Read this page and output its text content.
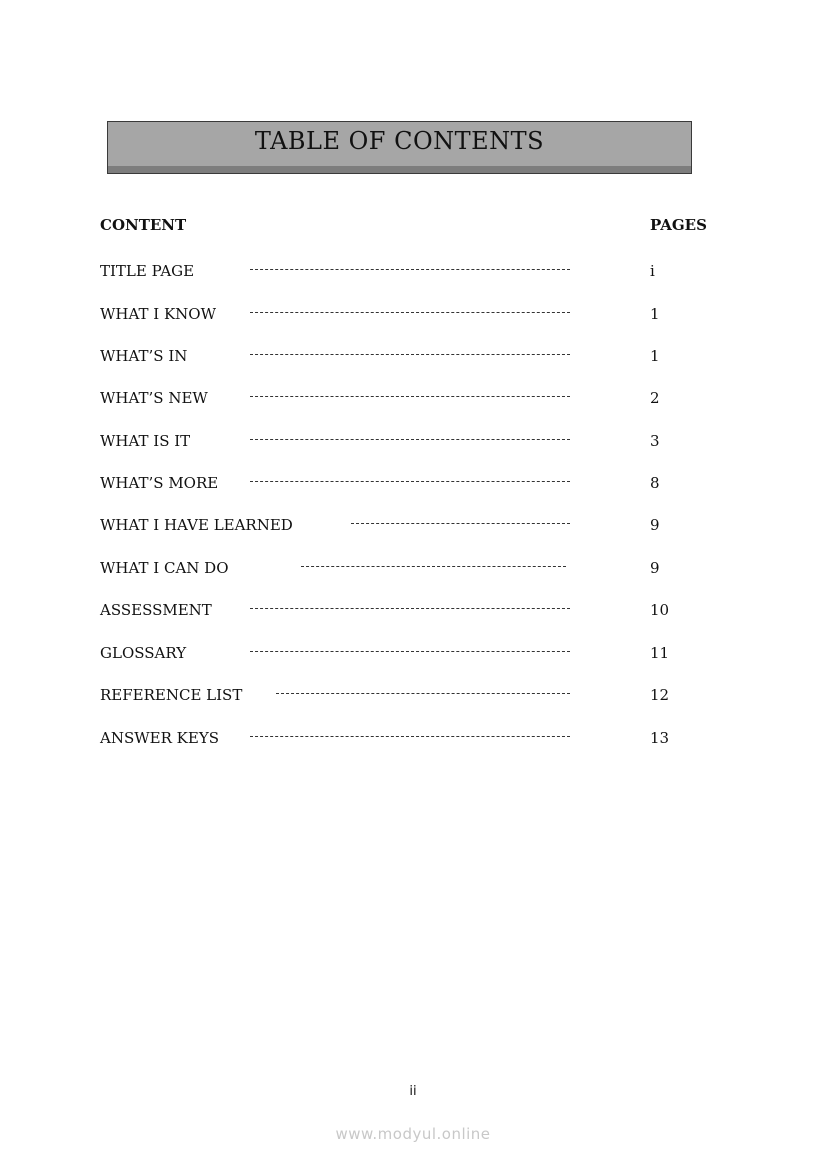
TABLE OF CONTENTS
CONTENT	PAGES
TITLE PAGE	i
WHAT I KNOW	1
WHAT’S IN	1
WHAT’S NEW	2
WHAT IS IT	3
WHAT’S MORE	8
WHAT I HAVE LEARNED	9
WHAT I CAN DO	9
ASSESSMENT	10
GLOSSARY	11
REFERENCE LIST	12
ANSWER KEYS	13
ii
www.modyul.online
